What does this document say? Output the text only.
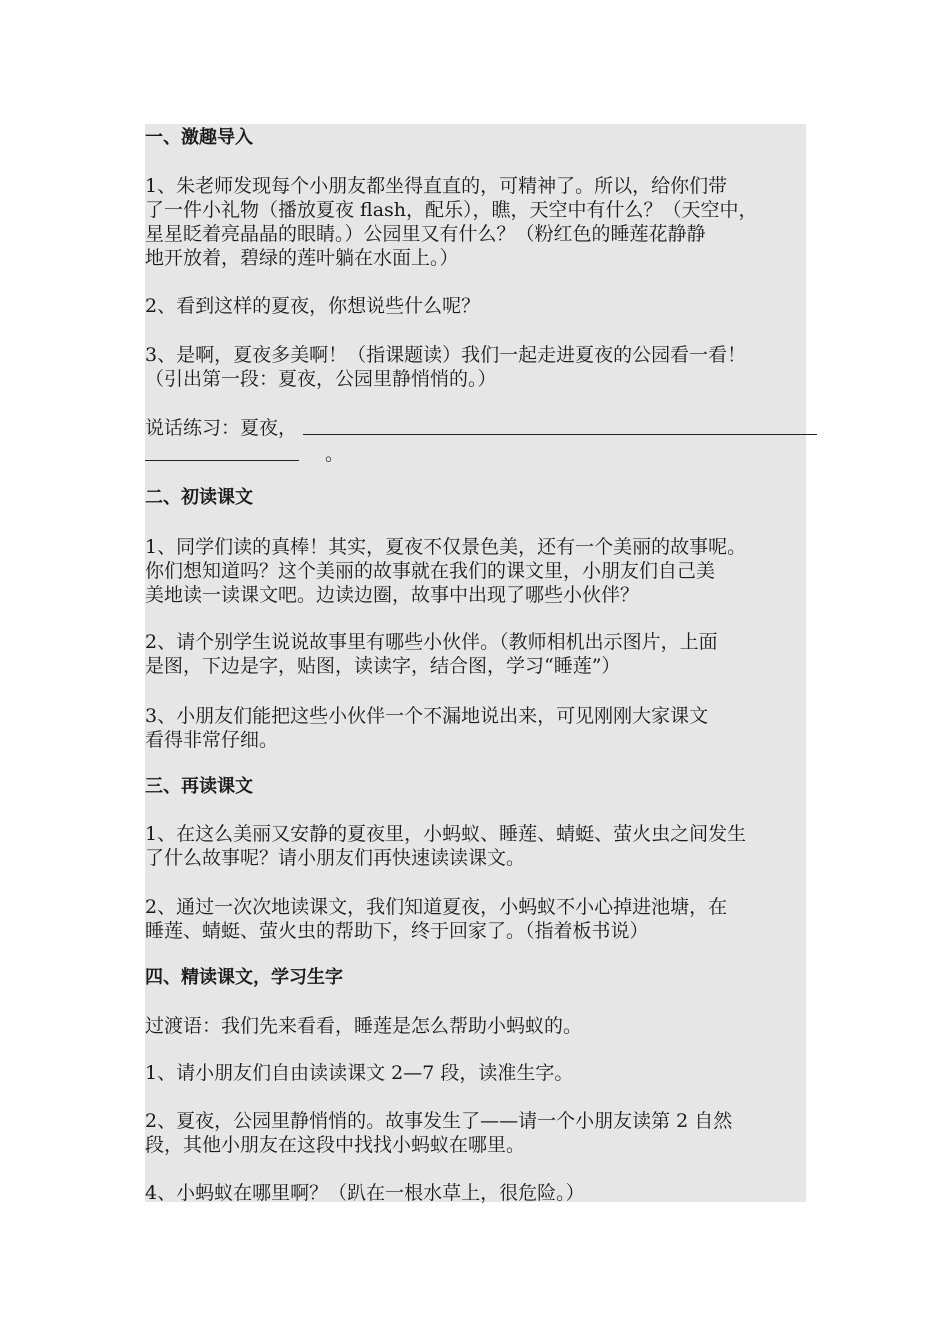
一、激趣导入
1、朱老师发现每个小朋友都坐得直直的，可精神了。所以，给你们带
了一件小礼物（播放夏夜 flash，配乐），瞧，天空中有什么？（天空中，
星星眨着亮晶晶的眼睛。）公园里又有什么？（粉红色的睡莲花静静
地开放着，碧绿的莲叶躺在水面上。）
2、看到这样的夏夜，你想说些什么呢？
3、是啊，夏夜多美啊！（指课题读）我们一起走进夏夜的公园看一看！
（引出第一段：夏夜，公园里静悄悄的。）
说话练习：夏夜，
。
二、初读课文
1、同学们读的真棒！其实，夏夜不仅景色美，还有一个美丽的故事呢。
你们想知道吗？这个美丽的故事就在我们的课文里，小朋友们自己美
美地读一读课文吧。边读边圈，故事中出现了哪些小伙伴？
2、请个别学生说说故事里有哪些小伙伴。（教师相机出示图片，上面
是图，下边是字，贴图，读读字，结合图，学习“睡莲”）
3、小朋友们能把这些小伙伴一个不漏地说出来，可见刚刚大家课文
看得非常仔细。
三、再读课文
1、在这么美丽又安静的夏夜里，小蚂蚁、睡莲、蜻蜓、萤火虫之间发生
了什么故事呢？请小朋友们再快速读读课文。
2、通过一次次地读课文，我们知道夏夜，小蚂蚁不小心掉进池塘，在
睡莲、蜻蜓、萤火虫的帮助下，终于回家了。（指着板书说）
四、精读课文，学习生字
过渡语：我们先来看看，睡莲是怎么帮助小蚂蚁的。
1、请小朋友们自由读读课文 2—7 段，读准生字。
2、夏夜，公园里静悄悄的。故事发生了——请一个小朋友读第 2 自然
段，其他小朋友在这段中找找小蚂蚁在哪里。
4、小蚂蚁在哪里啊？（趴在一根水草上，很危险。）
